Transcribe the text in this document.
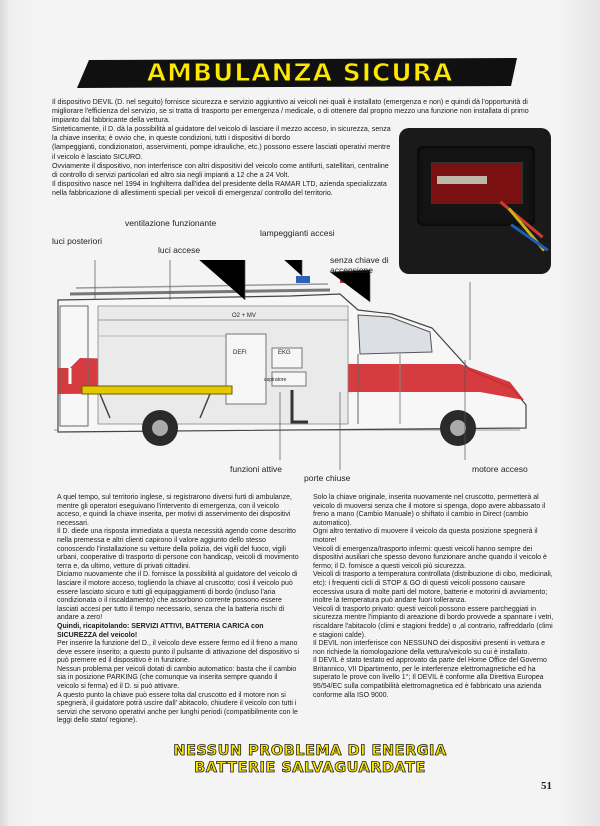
AMBULANZA SICURA

Il dispositivo DEVIL (D. nel seguito) fornisce sicurezza e servizio aggiuntivo ai veicoli nei quali è installato (emergenza e non) e quindi dà l'opportunità di migliorare l'efficienza del servizio, se si tratta di trasporto per emergenza / medicale, o di ottenere dal proprio mezzo una funzione non installata di primo impianto dal fabbricante della vettura.

Sinteticamente, il D. dà la possibilità al guidatore del veicolo di lasciare il mezzo acceso, in sicurezza, senza la chiave inserita; è ovvio che, in queste condizioni, tutti i dispositivi di bordo

(lampeggianti, condizionatori, asservimenti, pompe idrauliche, etc.) possono essere lasciati operativi mentre il veicolo è lasciato SICURO.

Ovviamente il dispositivo, non interferisce con altri dispositivi del veicolo come antifurti, satellitari, centraline di controllo di servizi particolari ed altro sia negli impianti a 12 che a 24 Volt.

Il dispositivo nasce nel 1994 in Inghilterra dall'idea del presidente della RAMAR LTD, azienda specializzata nella fabbricazione di allestimenti speciali per veicoli di emergenza/ controllo del territorio.

ventilazione funzionante
luci posteriori
luci accese
lampeggianti accesi
senza chiave di accensione
O2 + MV
DEFI	EKG
aspiratore
funzioni attive
porte chiuse
motore acceso

A quel tempo, sul territorio inglese, si registrarono diversi furti di ambulanze, mentre gli operatori eseguivano l'intervento di emergenza, con il veicolo acceso, e quindi la chiave inserita, per motivi di asservimento dei dispositivi necessari.

Il D. diede una risposta immediata a questa necessità agendo come descritto nella premessa e altri clienti capirono il valore aggiunto dello stesso conoscendo l'installazione su vetture della polizia, dei vigili del fuoco, vigili urbani, cooperative di trasporto di persone con handicap, veicoli di movimento terra e, da ultimo, vetture di privati cittadini.

Diciamo nuovamente che il D. fornisce la possibilità al guidatore del veicolo di lasciare il motore acceso, togliendo la chiave al cruscotto; così il veicolo può essere lasciato sicuro e tutti gli equipaggiamenti di bordo (incluso l'aria condizionata o il riscaldamento) che assorbono corrente possono essere lasciati accesi per tutto il tempo necessario, senza che la batteria rischi di andare a zero!

Quindi, ricapitolando: SERVIZI ATTIVI, BATTERIA CARICA con SICUREZZA del veicolo!

Per inserire la funzione del D., il veicolo deve essere fermo ed il freno a mano deve essere inserito; a questo punto il pulsante di attivazione del dispositivo si può premere ed il dispositivo è in funzione.

Nessun problema per veicoli dotati di cambio automatico: basta che il cambio sia in posizione PARKING (che comunque va inserita sempre quando il veicolo si ferma) ed il D. si può attivare.

A questo punto la chiave può essere tolta dal cruscotto ed il motore non si spegnerà, il guidatore potrà uscire dall' abitacolo, chiudere il veicolo con tutti i servizi che servono operativi anche per lunghi periodi (compatibilmente con le leggi dello stato/ regione).

Solo la chiave originale, inserita nuovamente nel cruscotto, permetterà al veicolo di muoversi senza che il motore si spenga, dopo avere abbassato il freno a mano (Cambio Manuale) o shiftato il cambio in Direct (cambio automatico).

Ogni altro tentativo di muovere il veicolo da questa posizione spegnerà il motore!

Veicoli di emergenza/trasporto infermi: questi veicoli hanno sempre dei dispositivi ausiliari che spesso devono funzionare anche quando il veicolo è fermo; il D. fornisce a questi veicoli più sicurezza.

Veicoli di trasporto a temperatura controllata (distribuzione di cibo, medicinali, etc): i frequenti cicli di STOP & GO di questi veicoli possono causare eccessiva usura di molte parti del motore, batterie e motorini di avviamento; inoltre la temperatura può andare fuori tolleranza.

Veicoli di trasporto privato: questi veicoli possono essere parcheggiati in sicurezza mentre l'impianto di areazione di bordo provvede a spannare i vetri, riscaldare l'abitacolo (climi e stagioni fredde) o ,al contrario, raffreddarlo (climi e stagioni calde).

Il DEVIL non interferisce con NESSUNO dei dispositivi presenti in vettura e non richiede la riomologazione della vettura/veicolo su cui è installato.

Il DEVIL è stato testato ed approvato da parte del Home Office del Governo Britannico, VII Dipartimento, per le interferenze elettromagnetiche ed ha superato le prove con livello 1°; Il DEVIL è conforme alla Direttiva Europea 95/54/EC sulla compatibilità elettromagnetica ed è fabbricato una azienda conforme alla ISO 9000.

NESSUN PROBLEMA DI ENERGIA
BATTERIE SALVAGUARDATE
51
